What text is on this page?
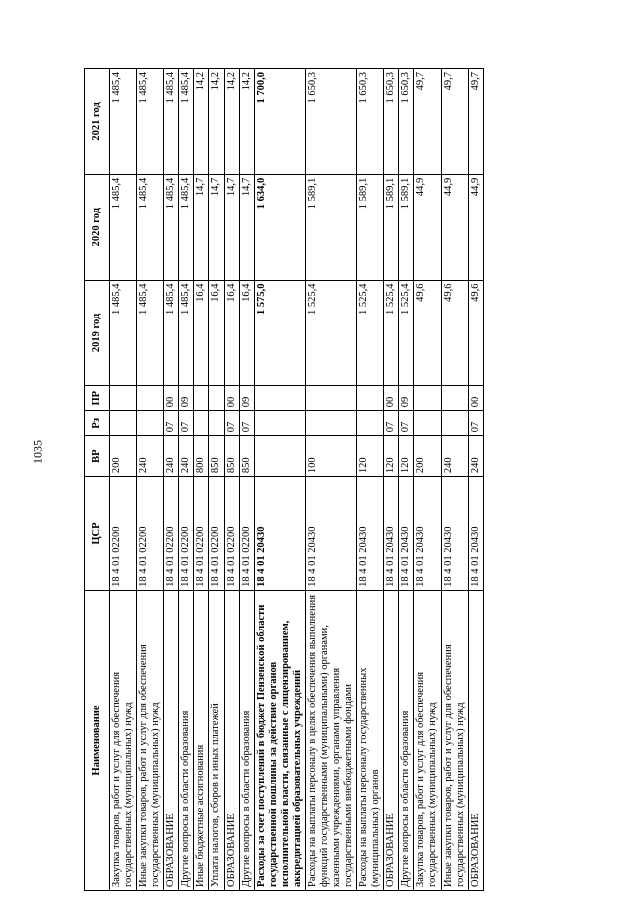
1035
Наименование	ЦСР	ВР	Рз	ПР	2019 год	2020 год	2021 год
Закупка товаров, работ и услуг для обеспечения государственных (муниципальных) нужд	18 4 01 02200	200			1 485,4	1 485,4	1 485,4
Иные закупки товаров, работ и услуг для обеспечения государственных (муниципальных) нужд	18 4 01 02200	240			1 485,4	1 485,4	1 485,4
ОБРАЗОВАНИЕ	18 4 01 02200	240	07	00	1 485,4	1 485,4	1 485,4
Другие вопросы в области образования	18 4 01 02200	240	07	09	1 485,4	1 485,4	1 485,4
Иные бюджетные ассигнования	18 4 01 02200	800			16,4	14,7	14,2
Уплата налогов, сборов и иных платежей	18 4 01 02200	850			16,4	14,7	14,2
ОБРАЗОВАНИЕ	18 4 01 02200	850	07	00	16,4	14,7	14,2
Другие вопросы в области образования	18 4 01 02200	850	07	09	16,4	14,7	14,2
Расходы за счет поступлений в бюджет Пензенской области государственной пошлины за действие органов исполнительной власти, связанные с лицензированием, аккредитацией образовательных учреждений	18 4 01 20430				1 575,0	1 634,0	1 700,0
Расходы на выплаты персоналу в целях обеспечения выполнения функций государственными (муниципальными) органами, казенными учреждениями, органами управления государственными внебюджетными фондами	18 4 01 20430	100			1 525,4	1 589,1	1 650,3
Расходы на выплаты персоналу государственных (муниципальных) органов	18 4 01 20430	120			1 525,4	1 589,1	1 650,3
ОБРАЗОВАНИЕ	18 4 01 20430	120	07	00	1 525,4	1 589,1	1 650,3
Другие вопросы в области образования	18 4 01 20430	120	07	09	1 525,4	1 589,1	1 650,3
Закупка товаров, работ и услуг для обеспечения государственных (муниципальных) нужд	18 4 01 20430	200			49,6	44,9	49,7
Иные закупки товаров, работ и услуг для обеспечения государственных (муниципальных) нужд	18 4 01 20430	240			49,6	44,9	49,7
ОБРАЗОВАНИЕ	18 4 01 20430	240	07	00	49,6	44,9	49,7
